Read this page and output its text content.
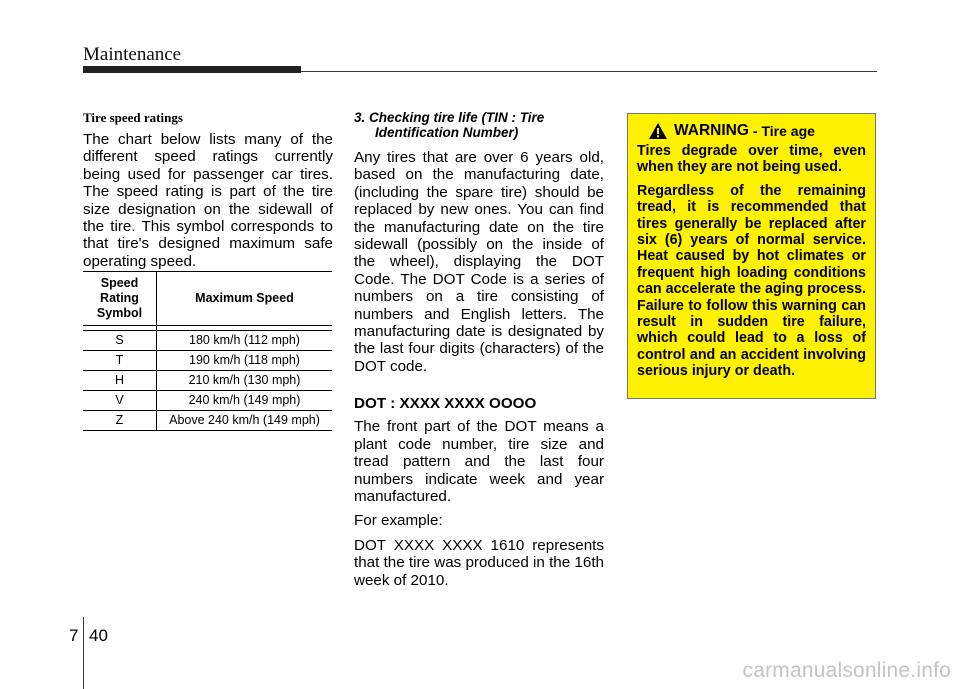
Maintenance
Tire speed ratings

The chart below lists many of the different speed ratings currently being used for passenger car tires. The speed rating is part of the tire size designation on the sidewall of the tire. This symbol corresponds to that tire's designed maximum safe operating speed.

Speed Rating Symbol	Maximum Speed

S	180 km/h (112 mph)
T	190 km/h (118 mph)
H	210 km/h (130 mph)
V	240 km/h (149 mph)
Z	Above 240 km/h (149 mph)
3. Checking tire life (TIN : Tire
Identification Number)

Any tires that are over 6 years old, based on the manufacturing date, (including the spare tire) should be replaced by new ones. You can find the manufacturing date on the tire sidewall (possibly on the inside of the wheel), displaying the DOT Code. The DOT Code is a series of numbers on a tire consisting of numbers and English letters. The manufacturing date is designated by the last four digits (characters) of the DOT code.

DOT : XXXX XXXX OOOO

The front part of the DOT means a plant code number, tire size and tread pattern and the last four numbers indicate week and year manufactured.

For example:

DOT XXXX XXXX 1610 represents that the tire was produced in the 16th week of 2010.

WARNING - Tire age

Tires degrade over time, even when they are not being used.

Regardless of the remaining tread, it is recommended that tires generally be replaced after six (6) years of normal service. Heat caused by hot climates or frequent high loading conditions can accelerate the aging process. Failure to follow this warning can result in sudden tire failure, which could lead to a loss of control and an accident involving serious injury or death.

7 40
carmanualsonline.info
